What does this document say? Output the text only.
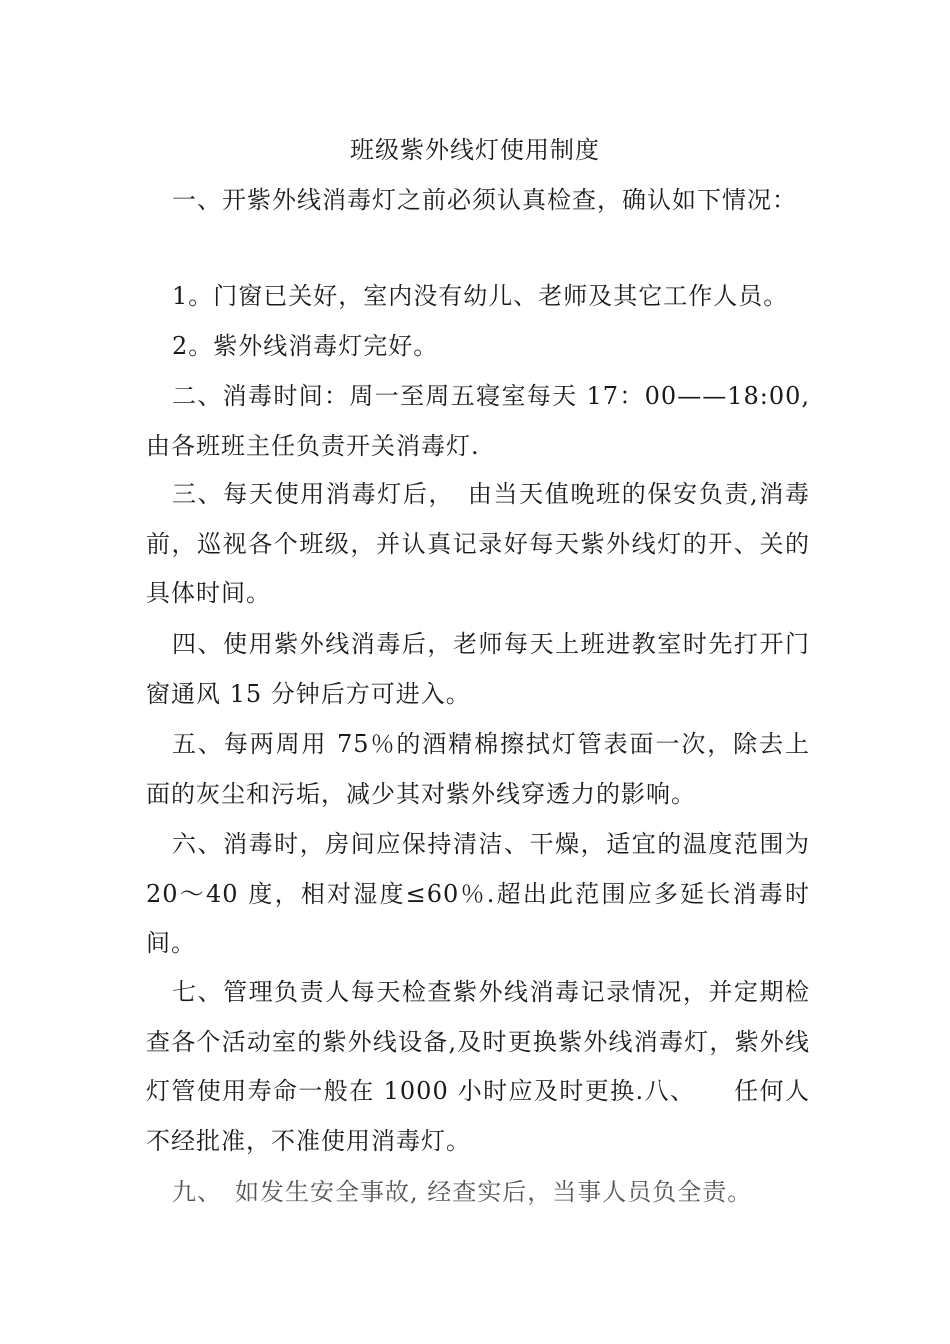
班级紫外线灯使用制度
一、开紫外线消毒灯之前必须认真检查，确认如下情况：
1。门窗已关好，室内没有幼儿、老师及其它工作人员。
2。紫外线消毒灯完好。
二、消毒时间：周一至周五寝室每天 17：00——18:00,由各班班主任负责开关消毒灯.
三、每天使用消毒灯后，　由当天值晚班的保安负责,消毒前，巡视各个班级，并认真记录好每天紫外线灯的开、关的具体时间。
四、使用紫外线消毒后，老师每天上班进教室时先打开门窗通风 15 分钟后方可进入。
五、每两周用 75％的酒精棉擦拭灯管表面一次，除去上面的灰尘和污垢，减少其对紫外线穿透力的影响。
六、消毒时，房间应保持清洁、干燥，适宜的温度范围为 20～40 度，相对湿度≤60％.超出此范围应多延长消毒时间。
七、管理负责人每天检查紫外线消毒记录情况，并定期检查各个活动室的紫外线设备,及时更换紫外线消毒灯，紫外线灯管使用寿命一般在 1000 小时应及时更换.八、　　任何人不经批准，不准使用消毒灯。
九、　如发生安全事故, 经查实后，当事人员负全责。
